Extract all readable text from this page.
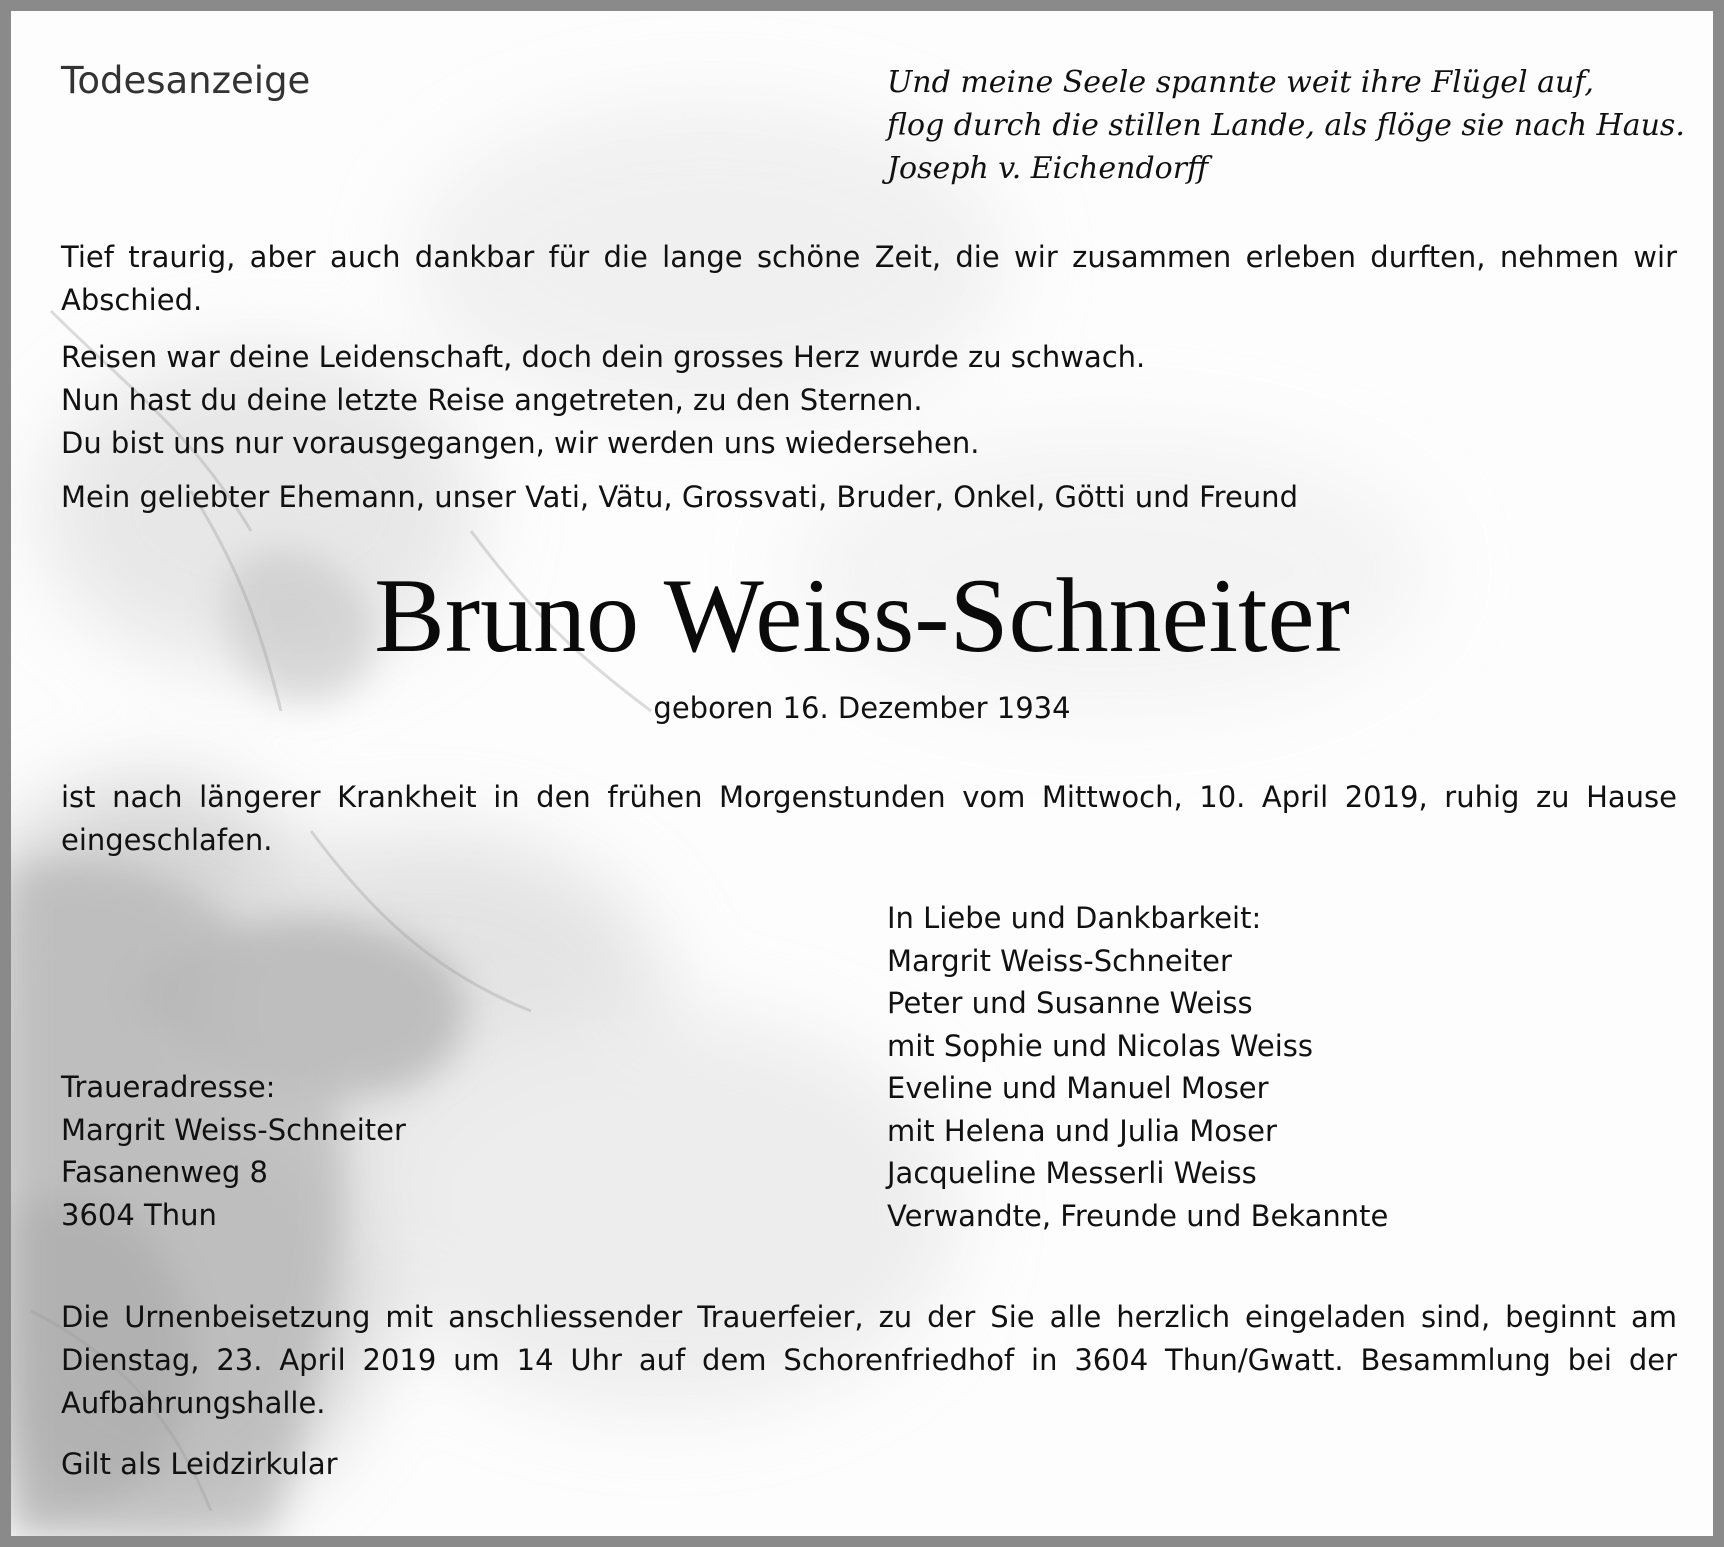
Todesanzeige	Und meine Seele spannte weit ihre Flügel auf,
flog durch die stillen Lande, als flöge sie nach Haus.
Joseph v. Eichendorff
Tief traurig, aber auch dankbar für die lange schöne Zeit, die wir zusammen erleben durften, nehmen wir Abschied.
Reisen war deine Leidenschaft, doch dein grosses Herz wurde zu schwach.
Nun hast du deine letzte Reise angetreten, zu den Sternen.
Du bist uns nur vorausgegangen, wir werden uns wiedersehen.
Mein geliebter Ehemann, unser Vati, Vätu, Grossvati, Bruder, Onkel, Götti und Freund
Bruno Weiss-Schneiter
geboren 16. Dezember 1934
ist nach längerer Krankheit in den frühen Morgenstunden vom Mittwoch, 10. April 2019, ruhig zu Hause eingeschlafen.
In Liebe und Dankbarkeit:
Margrit Weiss-Schneiter
Peter und Susanne Weiss
mit Sophie und Nicolas Weiss
Eveline und Manuel Moser
mit Helena und Julia Moser
Jacqueline Messerli Weiss
Verwandte, Freunde und Bekannte
Traueradresse:
Margrit Weiss-Schneiter
Fasanenweg 8
3604 Thun
Die Urnenbeisetzung mit anschliessender Trauerfeier, zu der Sie alle herzlich eingeladen sind, beginnt am Dienstag, 23. April 2019 um 14 Uhr auf dem Schorenfriedhof in 3604 Thun/Gwatt. Besammlung bei der Aufbahrungshalle.
Gilt als Leidzirkular
